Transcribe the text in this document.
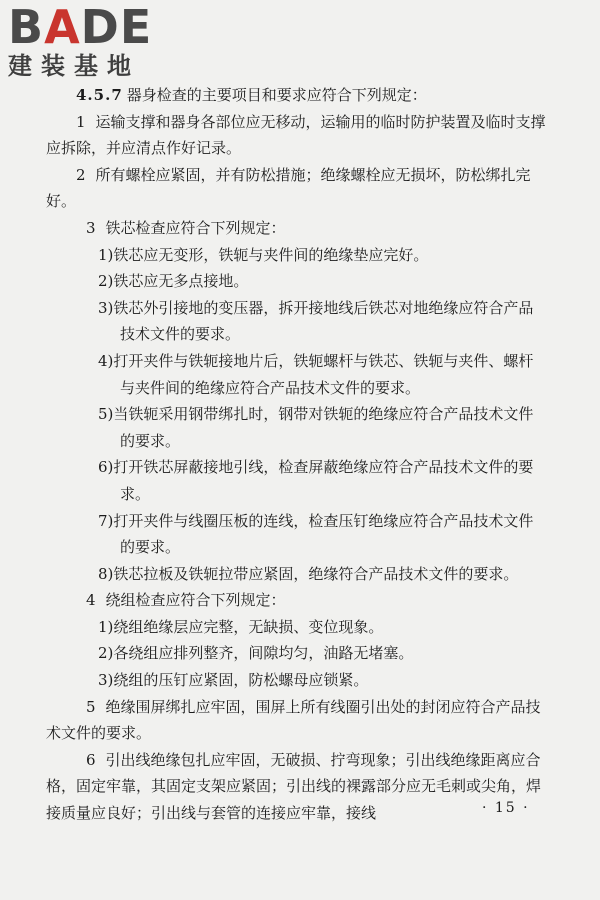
BADE
建装基地

4.5.7 器身检查的主要项目和要求应符合下列规定：

1 运输支撑和器身各部位应无移动，运输用的临时防护装置及临时支撑应拆除，并应清点作好记录。

2 所有螺栓应紧固，并有防松措施；绝缘螺栓应无损坏，防松绑扎完好。

3 铁芯检查应符合下列规定：

1)铁芯应无变形，铁轭与夹件间的绝缘垫应完好。

2)铁芯应无多点接地。

3)铁芯外引接地的变压器，拆开接地线后铁芯对地绝缘应符合产品技术文件的要求。

4)打开夹件与铁轭接地片后，铁轭螺杆与铁芯、铁轭与夹件、螺杆与夹件间的绝缘应符合产品技术文件的要求。

5)当铁轭采用钢带绑扎时，钢带对铁轭的绝缘应符合产品技术文件的要求。

6)打开铁芯屏蔽接地引线，检查屏蔽绝缘应符合产品技术文件的要求。

7)打开夹件与线圈压板的连线，检查压钉绝缘应符合产品技术文件的要求。

8)铁芯拉板及铁轭拉带应紧固，绝缘符合产品技术文件的要求。

4 绕组检查应符合下列规定：

1)绕组绝缘层应完整，无缺损、变位现象。

2)各绕组应排列整齐，间隙均匀，油路无堵塞。

3)绕组的压钉应紧固，防松螺母应锁紧。

5 绝缘围屏绑扎应牢固，围屏上所有线圈引出处的封闭应符合产品技术文件的要求。

6 引出线绝缘包扎应牢固，无破损、拧弯现象；引出线绝缘距离应合格，固定牢靠，其固定支架应紧固；引出线的裸露部分应无毛刺或尖角，焊接质量应良好；引出线与套管的连接应牢靠，接线	· 15 ·
